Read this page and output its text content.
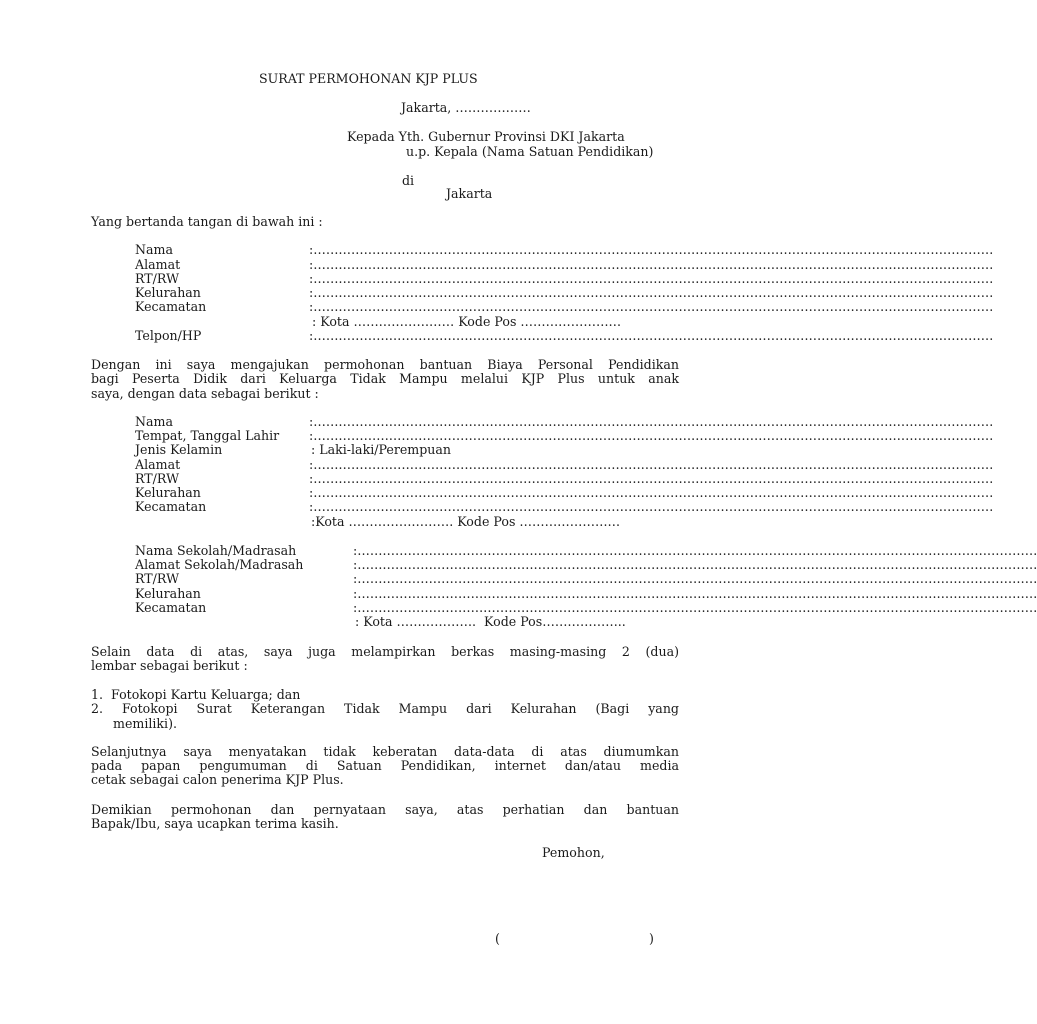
SURAT PERMOHONAN KJP PLUS
Jakarta, ………………
Kepada Yth. Gubernur Provinsi DKI Jakarta
u.p. Kepala (Nama Satuan Pendidikan)
di
Jakarta
Yang bertanda tangan di bawah ini :
Nama	:………………………………………………………………………………………………………………………………………………
Alamat	:………………………………………………………………………………………………………………………………………………
RT/RW	:………………………………………………………………………………………………………………………………………………
Kelurahan	:………………………………………………………………………………………………………………………………………………
Kecamatan	:………………………………………………………………………………………………………………………………………………
: Kota …………………… Kode Pos ……………………
Telpon/HP	:………………………………………………………………………………………………………………………………………………
Dengan ini saya mengajukan permohonan bantuan Biaya Personal Pendidikan
bagi Peserta Didik dari Keluarga Tidak Mampu melalui KJP Plus untuk anak
saya, dengan data sebagai berikut :
Nama	:………………………………………………………………………………………………………………………………………………
Tempat, Tanggal Lahir :………………………………………………………………………………………………………………………………………………
Jenis Kelamin	: Laki-laki/Perempuan
Alamat	:………………………………………………………………………………………………………………………………………………
RT/RW	:………………………………………………………………………………………………………………………………………………
Kelurahan	:………………………………………………………………………………………………………………………………………………
Kecamatan	:………………………………………………………………………………………………………………………………………………
:Kota ……………………. Kode Pos ……………………
Nama Sekolah/Madrasah	:………………………………………………………………………………………………………………………………………………
Alamat Sekolah/Madrasah	:………………………………………………………………………………………………………………………………………………
RT/RW	:………………………………………………………………………………………………………………………………………………
Kelurahan	:………………………………………………………………………………………………………………………………………………
Kecamatan	:………………………………………………………………………………………………………………………………………………
: Kota ……………….  Kode Pos………………..
Selain data di atas, saya juga melampirkan berkas masing-masing 2 (dua)
lembar sebagai berikut :
1.  Fotokopi Kartu Keluarga; dan
2. Fotokopi Surat Keterangan Tidak Mampu dari Kelurahan (Bagi yang
memiliki).
Selanjutnya saya menyatakan tidak keberatan data-data di atas diumumkan
pada papan pengumuman di Satuan Pendidikan, internet dan/atau media
cetak sebagai calon penerima KJP Plus.
Demikian permohonan dan pernyataan saya, atas perhatian dan bantuan
Bapak/Ibu, saya ucapkan terima kasih.
Pemohon,
(	)
